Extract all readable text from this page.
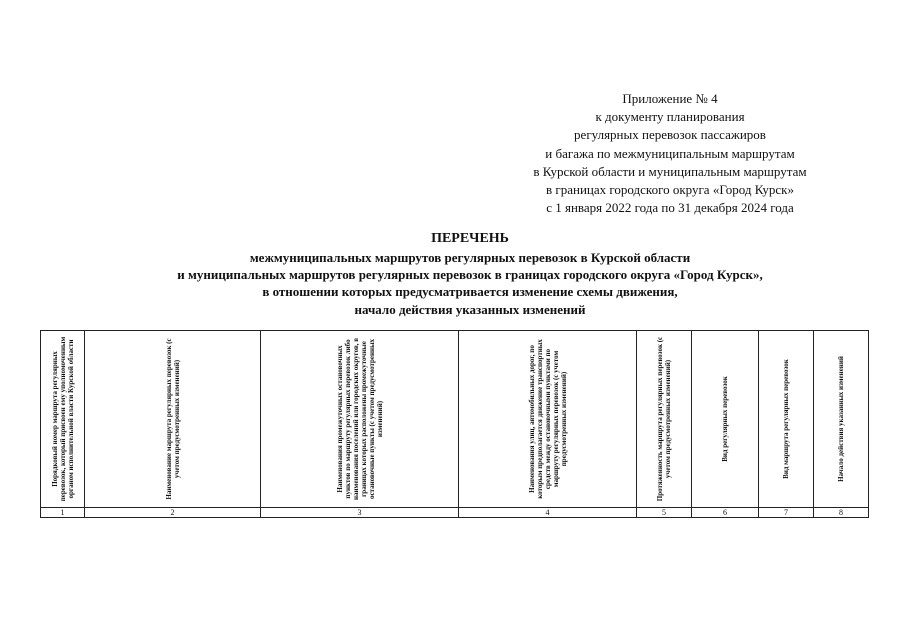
Приложение № 4
к документу планирования
регулярных перевозок пассажиров
и багажа по межмуниципальным маршрутам
в Курской области и муниципальным маршрутам
в границах городского округа «Город Курск»
с 1 января 2022 года по 31 декабря 2024 года
ПЕРЕЧЕНЬ
межмуниципальных маршрутов регулярных перевозок в Курской области
и муниципальных маршрутов регулярных перевозок в границах городского округа «Город Курск»,
в отношении которых предусматривается изменение схемы движения,
начало действия указанных изменений
Порядковый номер маршрута регулярных перевозок, который присвоен ему уполномоченным органом исполнительной власти Курской области	Наименование маршрута регулярных перевозок (с учетом предусмотренных изменений)	Наименования промежуточных остановочных пунктов по маршруту регулярных перевозок либо наименования поселений или городских округов, в границах которых расположены промежуточные остановочные пункты (с учетом предусмотренных изменений)	Наименования улиц, автомобильных дорог, по которым предполагается движение транспортных средств между остановочными пунктами по маршруту регулярных перевозок (с учетом предусмотренных изменений)	Протяженность маршрута регулярных перевозок (с учетом предусмотренных изменений)	Вид регулярных перевозок	Вид маршрута регулярных перевозок	Начало действия указанных изменений

1	2	3	4	5	6	7	8
